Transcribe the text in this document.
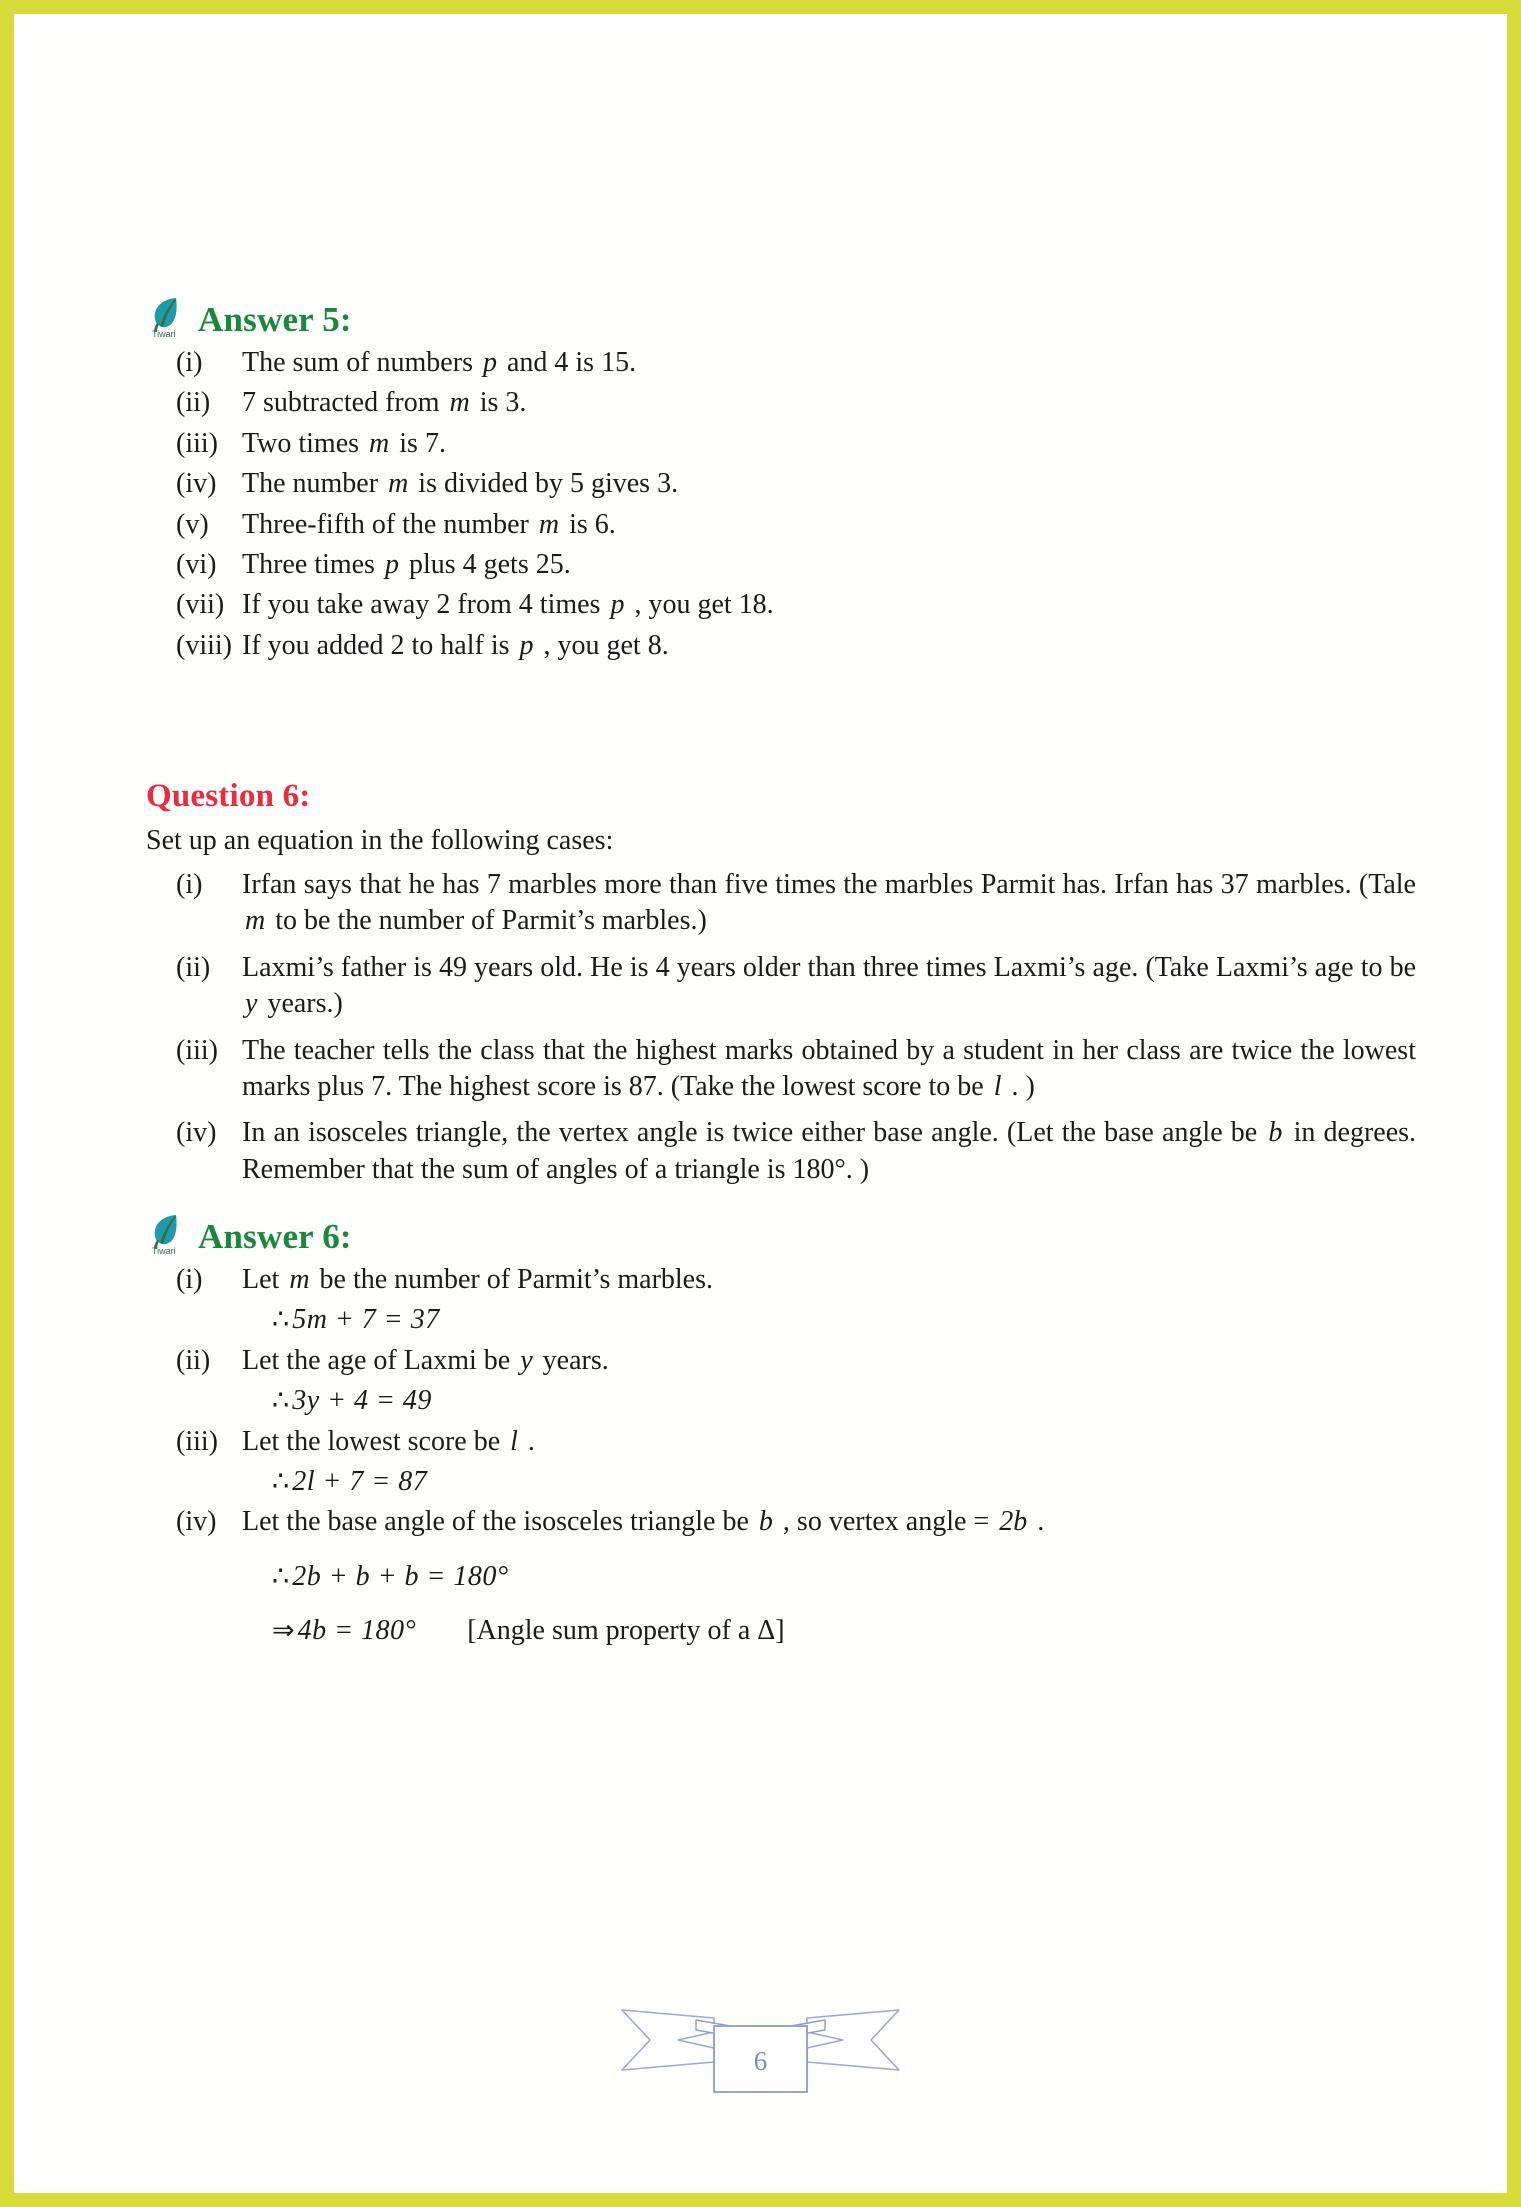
Tiwari Answer 5:
(i)	The sum of numbers p and 4 is 15.
(ii)	7 subtracted from m is 3.
(iii) Two times m is 7.
(iv) The number m is divided by 5 gives 3.
(v)	Three-fifth of the number m is 6.
(vi) Three times p plus 4 gets 25.
(vii) If you take away 2 from 4 times p , you get 18.
(viii) If you added 2 to half is p , you get 8.
Question 6:
Set up an equation in the following cases:
(i)	Irfan says that he has 7 marbles more than five times the marbles Parmit has. Irfan has 37 marbles. (Tale m to be the number of Parmit’s marbles.)
(ii)	Laxmi’s father is 49 years old. He is 4 years older than three times Laxmi’s age. (Take Laxmi’s age to be y years.)
(iii) The teacher tells the class that the highest marks obtained by a student in her class are twice the lowest marks plus 7. The highest score is 87. (Take the lowest score to be l . )
(iv) In an isosceles triangle, the vertex angle is twice either base angle. (Let the base angle be b in degrees. Remember that the sum of angles of a triangle is 180°. )
Tiwari Answer 6:
(i)	Let m be the number of Parmit’s marbles.
∴ 5m + 7 = 37
(ii)	Let the age of Laxmi be y years.
∴ 3y + 4 = 49
(iii) Let the lowest score be l .
∴ 2l + 7 = 87
(iv) Let the base angle of the isosceles triangle be b , so vertex angle = 2b .
∴ 2b + b + b = 180°
⇒ 4b = 180° [Angle sum property of a Δ]
6
